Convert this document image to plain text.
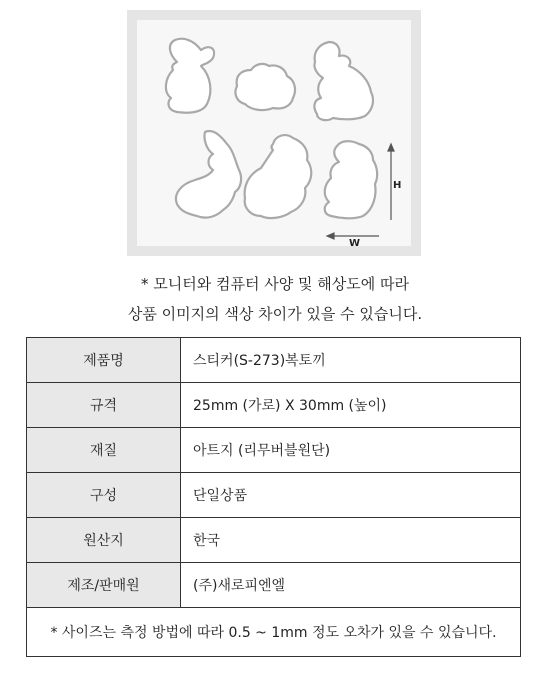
H
W
* 모니터와 컴퓨터 사양 및 해상도에 따라
상품 이미지의 색상 차이가 있을 수 있습니다.
제품명	스티커(S-273)복토끼
규격	25mm (가로) X 30mm (높이)
재질	아트지 (리무버블원단)
구성	단일상품
원산지	한국
제조/판매원	(주)새로피엔엘
* 사이즈는 측정 방법에 따라 0.5 ~ 1mm 정도 오차가 있을 수 있습니다.	
